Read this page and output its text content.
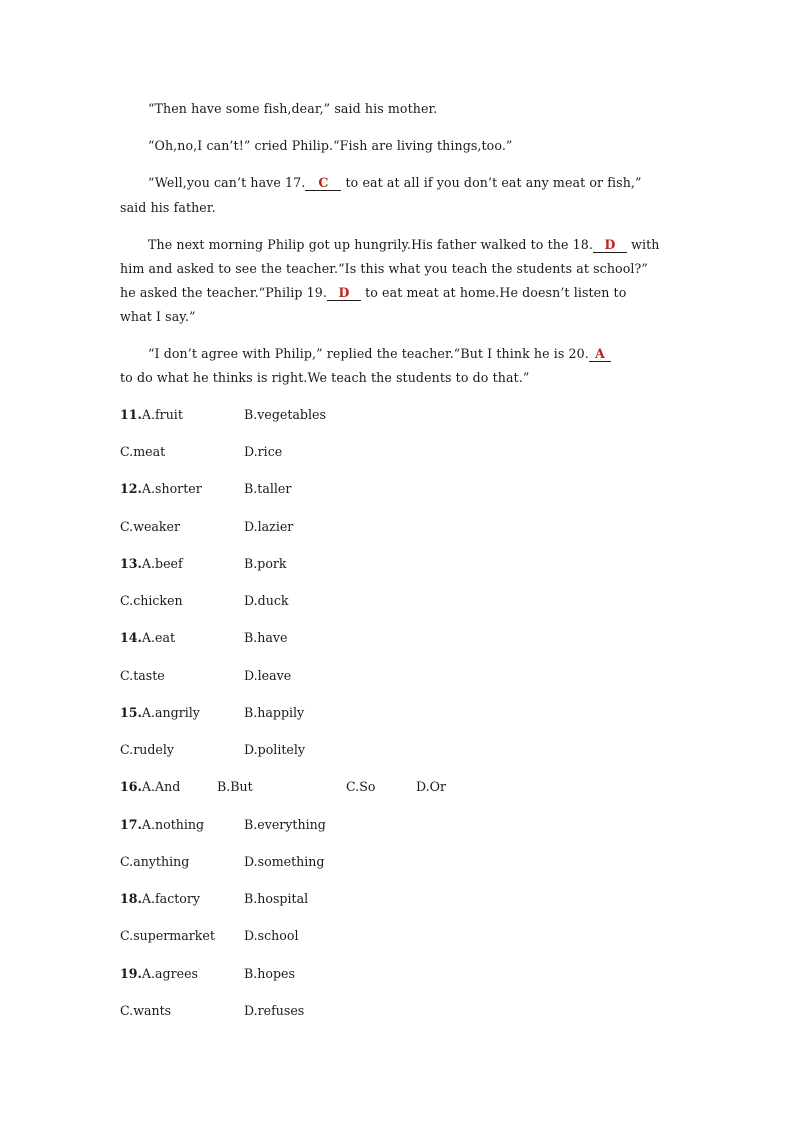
“Then have some fish,dear,” said his mother.
“Oh,no,I can’t!” cried Philip.“Fish are living things,too.”
“Well,you can’t have 17. C to eat at all if you don’t eat any meat or fish,”
said his father.
The next morning Philip got up hungrily.His father walked to the 18. D with
him and asked to see the teacher.“Is this what you teach the students at school?”
he asked the teacher.“Philip 19. D to eat meat at home.He doesn’t listen to
what I say.”
“I don’t agree with Philip,” replied the teacher.“But I think he is 20. A
to do what he thinks is right.We teach the students to do that.”
11.A.fruit	B.vegetables
C.meat	D.rice
12.A.shorter	B.taller
C.weaker	D.lazier
13.A.beef	B.pork
C.chicken	D.duck
14.A.eat	B.have
C.taste	D.leave
15.A.angrily	B.happily
C.rudely	D.politely
16.A.And	B.But	C.So	D.Or
17.A.nothing	B.everything
C.anything	D.something
18.A.factory	B.hospital
C.supermarket D.school
19.A.agrees	B.hopes
C.wants	D.refuses
